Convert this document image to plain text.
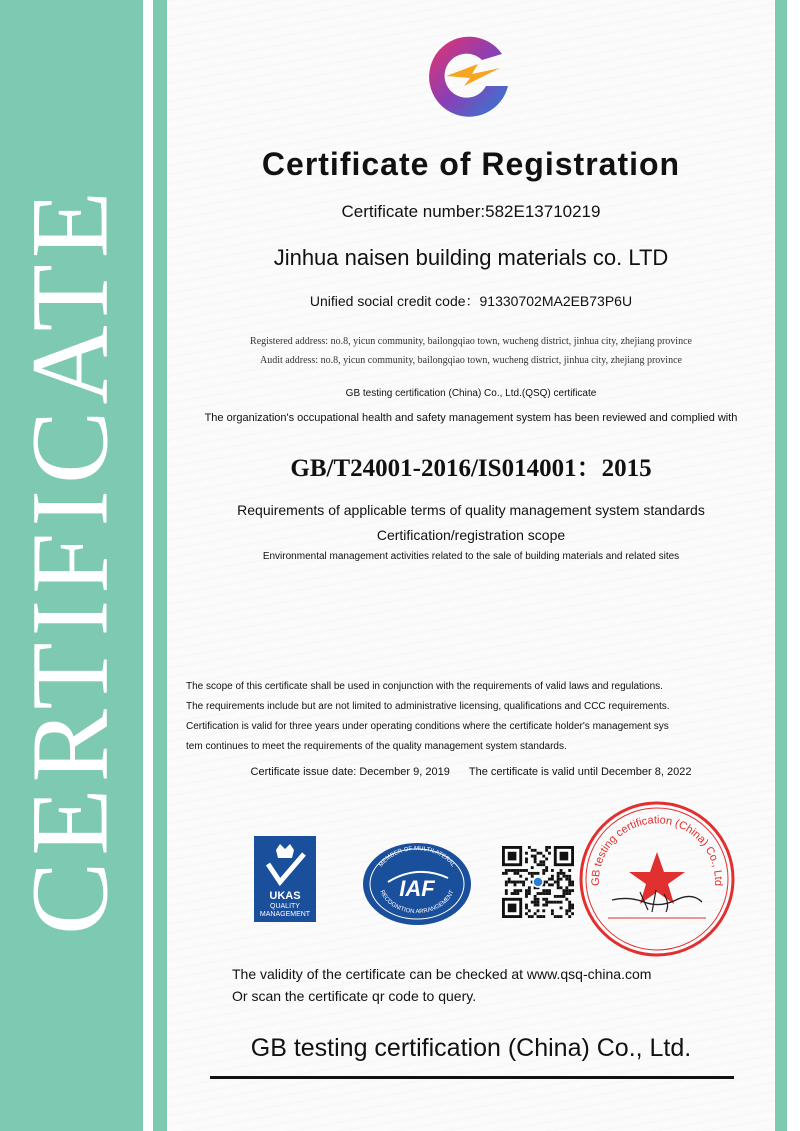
CERTIFICATE
Certificate of Registration
Certificate number:582E13710219
Jinhua naisen building materials co. LTD
Unified social credit code：91330702MA2EB73P6U
Registered address: no.8, yicun community, bailongqiao town, wucheng district, jinhua city, zhejiang province
Audit address: no.8, yicun community, bailongqiao town, wucheng district, jinhua city, zhejiang province
GB testing certification (China) Co., Ltd.(QSQ) certificate
The organization's occupational health and safety management system has been reviewed and complied with
GB/T24001-2016/IS014001：2015
Requirements of applicable terms of quality management system standards
Certification/registration scope
Environmental management activities related to the sale of building materials and related sites
The scope of this certificate shall be used in conjunction with the requirements of valid laws and regulations.
The requirements include but are not limited to administrative licensing, qualifications and CCC requirements.
Certification is valid for three years under operating conditions where the certificate holder's management sys
tem continues to meet the requirements of the quality management system standards.
Certificate issue date: December 9, 2019 The certificate is valid until December 8, 2022
UKAS
QUALITY
MANAGEMENT
MEMBER OF MULTILATERAL
RECOGNITION ARRANGEMENT
IAF	GB testing certification (China) Co., Ltd
The validity of the certificate can be checked at www.qsq-china.com
Or scan the certificate qr code to query.
GB testing certification (China) Co., Ltd.
